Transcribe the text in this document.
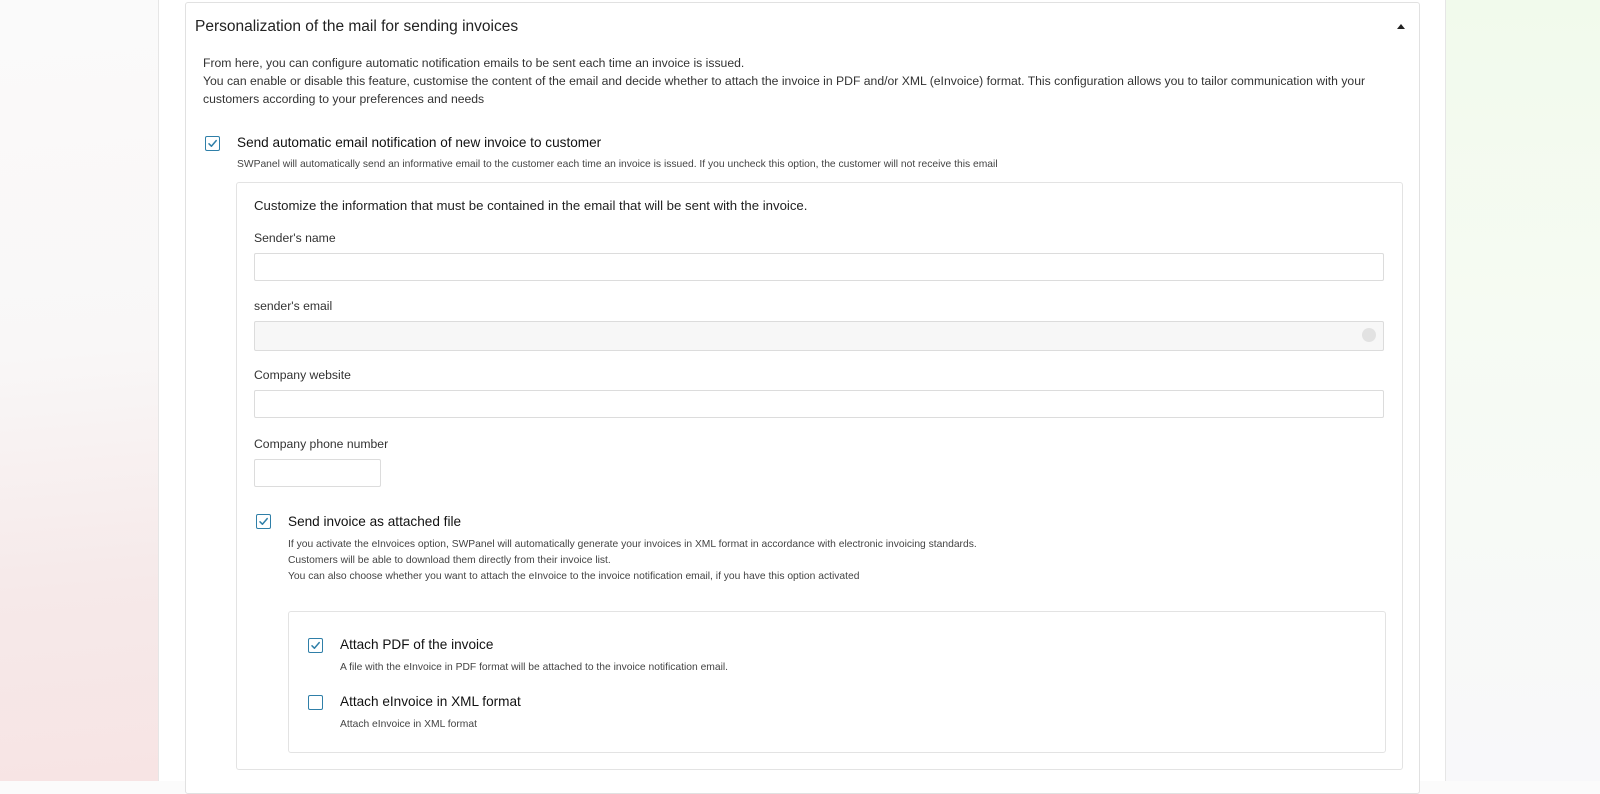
Personalization of the mail for sending invoices

From here, you can configure automatic notification emails to be sent each time an invoice is issued.

You can enable or disable this feature, customise the content of the email and decide whether to attach the invoice in PDF and/or XML (eInvoice) format. This configuration allows you to tailor communication with your customers according to your preferences and needs

Send automatic email notification of new invoice to customer
SWPanel will automatically send an informative email to the customer each time an invoice is issued. If you uncheck this option, the customer will not receive this email
Customize the information that must be contained in the email that will be sent with the invoice.
Sender's name
sender's email
Company website
Company phone number
Send invoice as attached file
If you activate the eInvoices option, SWPanel will automatically generate your invoices in XML format in accordance with electronic invoicing standards.
Customers will be able to download them directly from their invoice list.
You can also choose whether you want to attach the eInvoice to the invoice notification email, if you have this option activated
Attach PDF of the invoice
A file with the eInvoice in PDF format will be attached to the invoice notification email.
Attach eInvoice in XML format
Attach eInvoice in XML format
